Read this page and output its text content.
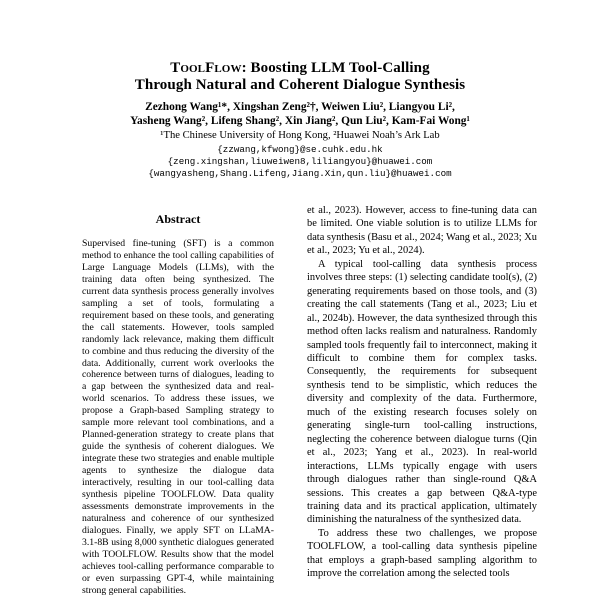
ToolFlow: Boosting LLM Tool-Calling
Through Natural and Coherent Dialogue Synthesis
Zezhong Wang¹*, Xingshan Zeng²†, Weiwen Liu², Liangyou Li²,
Yasheng Wang², Lifeng Shang², Xin Jiang², Qun Liu², Kam-Fai Wong¹
¹The Chinese University of Hong Kong, ²Huawei Noah’s Ark Lab
{zzwang,kfwong}@se.cuhk.edu.hk
{zeng.xingshan,liuweiwen8,liliangyou}@huawei.com
{wangyasheng,Shang.Lifeng,Jiang.Xin,qun.liu}@huawei.com
Abstract

Supervised fine-tuning (SFT) is a common method to enhance the tool calling capabilities of Large Language Models (LLMs), with the training data often being synthesized. The current data synthesis process generally involves sampling a set of tools, formulating a requirement based on these tools, and generating the call statements. However, tools sampled randomly lack relevance, making them difficult to combine and thus reducing the diversity of the data. Additionally, current work overlooks the coherence between turns of dialogues, leading to a gap between the synthesized data and real-world scenarios. To address these issues, we propose a Graph-based Sampling strategy to sample more relevant tool combinations, and a Planned-generation strategy to create plans that guide the synthesis of coherent dialogues. We integrate these two strategies and enable multiple agents to synthesize the dialogue data interactively, resulting in our tool-calling data synthesis pipeline TOOLFLOW. Data quality assessments demonstrate improvements in the naturalness and coherence of our synthesized dialogues. Finally, we apply SFT on LLaMA-3.1-8B using 8,000 synthetic dialogues generated with TOOLFLOW. Results show that the model achieves tool-calling performance comparable to or even surpassing GPT-4, while maintaining strong general capabilities.

et al., 2023). However, access to fine-tuning data can be limited. One viable solution is to utilize LLMs for data synthesis (Basu et al., 2024; Wang et al., 2023; Xu et al., 2023; Yu et al., 2024).

A typical tool-calling data synthesis process involves three steps: (1) selecting candidate tool(s), (2) generating requirements based on those tools, and (3) creating the call statements (Tang et al., 2023; Liu et al., 2024b). However, the data synthesized through this method often lacks realism and naturalness. Randomly sampled tools frequently fail to interconnect, making it difficult to combine them for complex tasks. Consequently, the requirements for subsequent synthesis tend to be simplistic, which reduces the diversity and complexity of the data. Furthermore, much of the existing research focuses solely on generating single-turn tool-calling instructions, neglecting the coherence between dialogue turns (Qin et al., 2023; Yang et al., 2023). In real-world interactions, LLMs typically engage with users through dialogues rather than single-round Q&A sessions. This creates a gap between Q&A-type training data and its practical application, ultimately diminishing the naturalness of the synthesized data.

To address these two challenges, we propose TOOLFLOW, a tool-calling data synthesis pipeline that employs a graph-based sampling algorithm to improve the correlation among the selected tools
